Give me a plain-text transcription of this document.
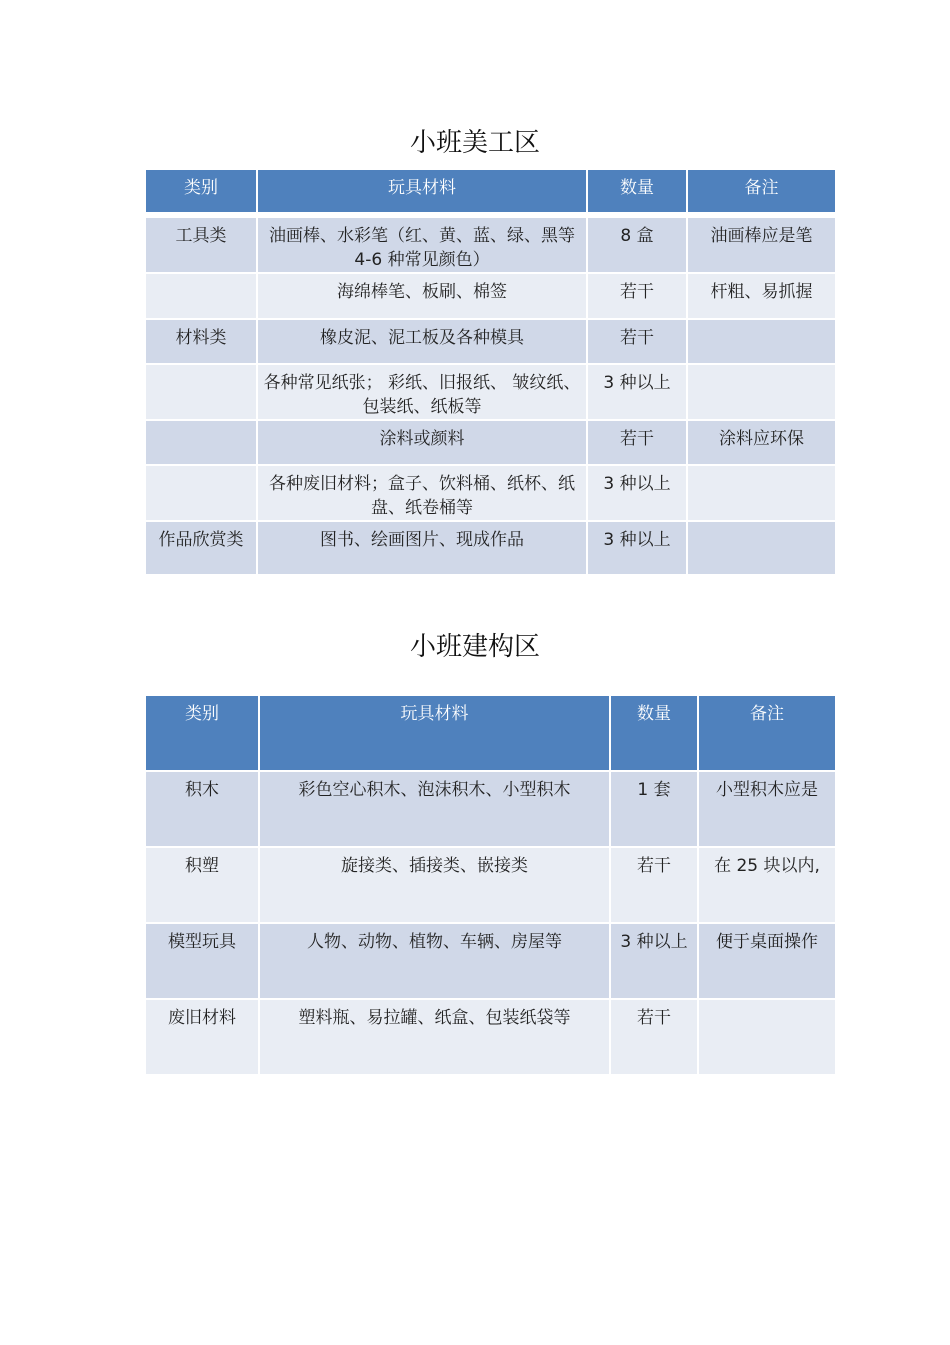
小班美工区
类别	玩具材料	数量	备注

工具类	油画棒、水彩笔（红、黄、蓝、绿、黑等 4-6 种常见颜色）	8 盒	油画棒应是笔
	海绵棒笔、板刷、棉签	若干	杆粗、易抓握
材料类	橡皮泥、泥工板及各种模具	若干	
	各种常见纸张； 彩纸、旧报纸、 皱纹纸、包装纸、纸板等	3 种以上	
	涂料或颜料	若干	涂料应环保
	各种废旧材料；盒子、饮料桶、纸杯、纸盘、纸卷桶等	3 种以上	
作品欣赏类	图书、绘画图片、现成作品	3 种以上	
小班建构区
类别	玩具材料	数量	备注
积木	彩色空心积木、泡沫积木、小型积木	1 套	小型积木应是
积塑	旋接类、插接类、嵌接类	若干	在 25 块以内,
模型玩具	人物、动物、植物、车辆、房屋等	3 种以上	便于桌面操作
废旧材料	塑料瓶、易拉罐、纸盒、包装纸袋等	若干	
